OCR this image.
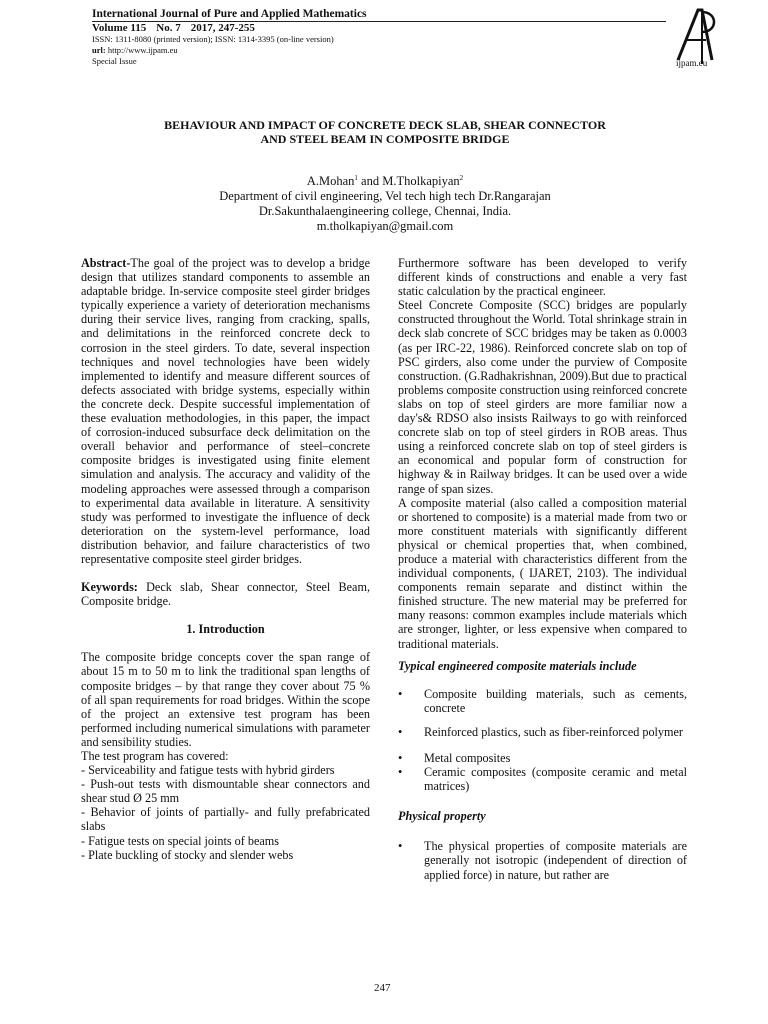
International Journal of Pure and Applied Mathematics
Volume 115 No. 7 2017, 247-255
ISSN: 1311-8080 (printed version); ISSN: 1314-3395 (on-line version)
url: http://www.ijpam.eu
Special Issue	ijpam.eu
BEHAVIOUR AND IMPACT OF CONCRETE DECK SLAB, SHEAR CONNECTOR
AND STEEL BEAM IN COMPOSITE BRIDGE
A.Mohan$^1$ and M.Tholkapiyan$^2$
Department of civil engineering, Vel tech high tech Dr.Rangarajan
Dr.Sakunthalaengineering college, Chennai, India.
m.tholkapiyan@gmail.com

Abstract-The goal of the project was to develop a bridge design that utilizes standard components to assemble an adaptable bridge. In-service composite steel girder bridges typically experience a variety of deterioration mechanisms during their service lives, ranging from cracking, spalls, and delimitations in the reinforced concrete deck to corrosion in the steel girders. To date, several inspection techniques and novel technologies have been widely implemented to identify and measure different sources of defects associated with bridge systems, especially within the concrete deck. Despite successful implementation of these evaluation methodologies, in this paper, the impact of corrosion-induced subsurface deck delimitation on the overall behavior and performance of steel–concrete composite bridges is investigated using finite element simulation and analysis. The accuracy and validity of the modeling approaches were assessed through a comparison to experimental data available in literature. A sensitivity study was performed to investigate the influence of deck deterioration on the system-level performance, load distribution behavior, and failure characteristics of two representative composite steel girder bridges.

Keywords: Deck slab, Shear connector, Steel Beam, Composite bridge.

1. Introduction

The composite bridge concepts cover the span range of about 15 m to 50 m to link the traditional span lengths of composite bridges – by that range they cover about 75 % of all span requirements for road bridges. Within the scope of the project an extensive test program has been performed including numerical simulations with parameter and sensibility studies.

The test program has covered:

- Serviceability and fatigue tests with hybrid girders

- Push-out tests with dismountable shear connectors and shear stud Ø 25 mm

- Behavior of joints of partially- and fully prefabricated slabs

- Fatigue tests on special joints of beams

- Plate buckling of stocky and slender webs

Furthermore software has been developed to verify different kinds of constructions and enable a very fast static calculation by the practical engineer.

Steel Concrete Composite (SCC) bridges are popularly constructed throughout the World. Total shrinkage strain in deck slab concrete of SCC bridges may be taken as 0.0003 (as per IRC-22, 1986). Reinforced concrete slab on top of PSC girders, also come under the purview of Composite construction. (G.Radhakrishnan, 2009).But due to practical problems composite construction using reinforced concrete slabs on top of steel girders are more familiar now a day's& RDSO also insists Railways to go with reinforced concrete slab on top of steel girders in ROB areas. Thus using a reinforced concrete slab on top of steel girders is an economical and popular form of construction for highway & in Railway bridges. It can be used over a wide range of span sizes.

A composite material (also called a composition material or shortened to composite) is a material made from two or more constituent materials with significantly different physical or chemical properties that, when combined, produce a material with characteristics different from the individual components, ( IJARET, 2103). The individual components remain separate and distinct within the finished structure. The new material may be preferred for many reasons: common examples include materials which are stronger, lighter, or less expensive when compared to traditional materials.

Typical engineered composite materials include

•	Composite building materials, such as cements, concrete
•	Reinforced plastics, such as fiber-reinforced polymer
•	Metal composites
•	Ceramic composites (composite ceramic and metal matrices)

Physical property

•	The physical properties of composite materials are generally not isotropic (independent of direction of applied force) in nature, but rather are
247
